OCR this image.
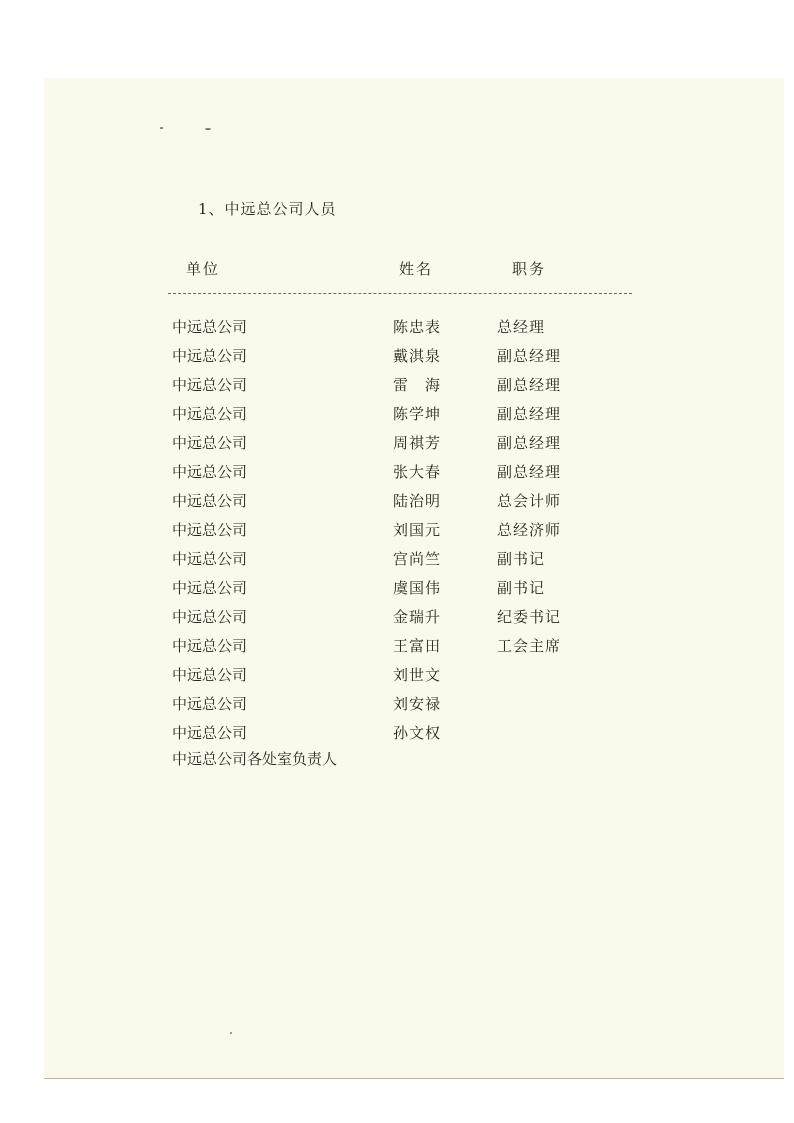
1、中远总公司人员
单位	姓名	职务
中远总公司	陈忠表	总经理
中远总公司	戴淇泉	副总经理
中远总公司	雷　海	副总经理
中远总公司	陈学坤	副总经理
中远总公司	周祺芳	副总经理
中远总公司	张大春	副总经理
中远总公司	陆治明	总会计师
中远总公司	刘国元	总经济师
中远总公司	宫尚竺	副书记
中远总公司	虞国伟	副书记
中远总公司	金瑞升	纪委书记
中远总公司	王富田	工会主席
中远总公司	刘世文
中远总公司	刘安禄
中远总公司	孙文权
中远总公司各处室负责人
